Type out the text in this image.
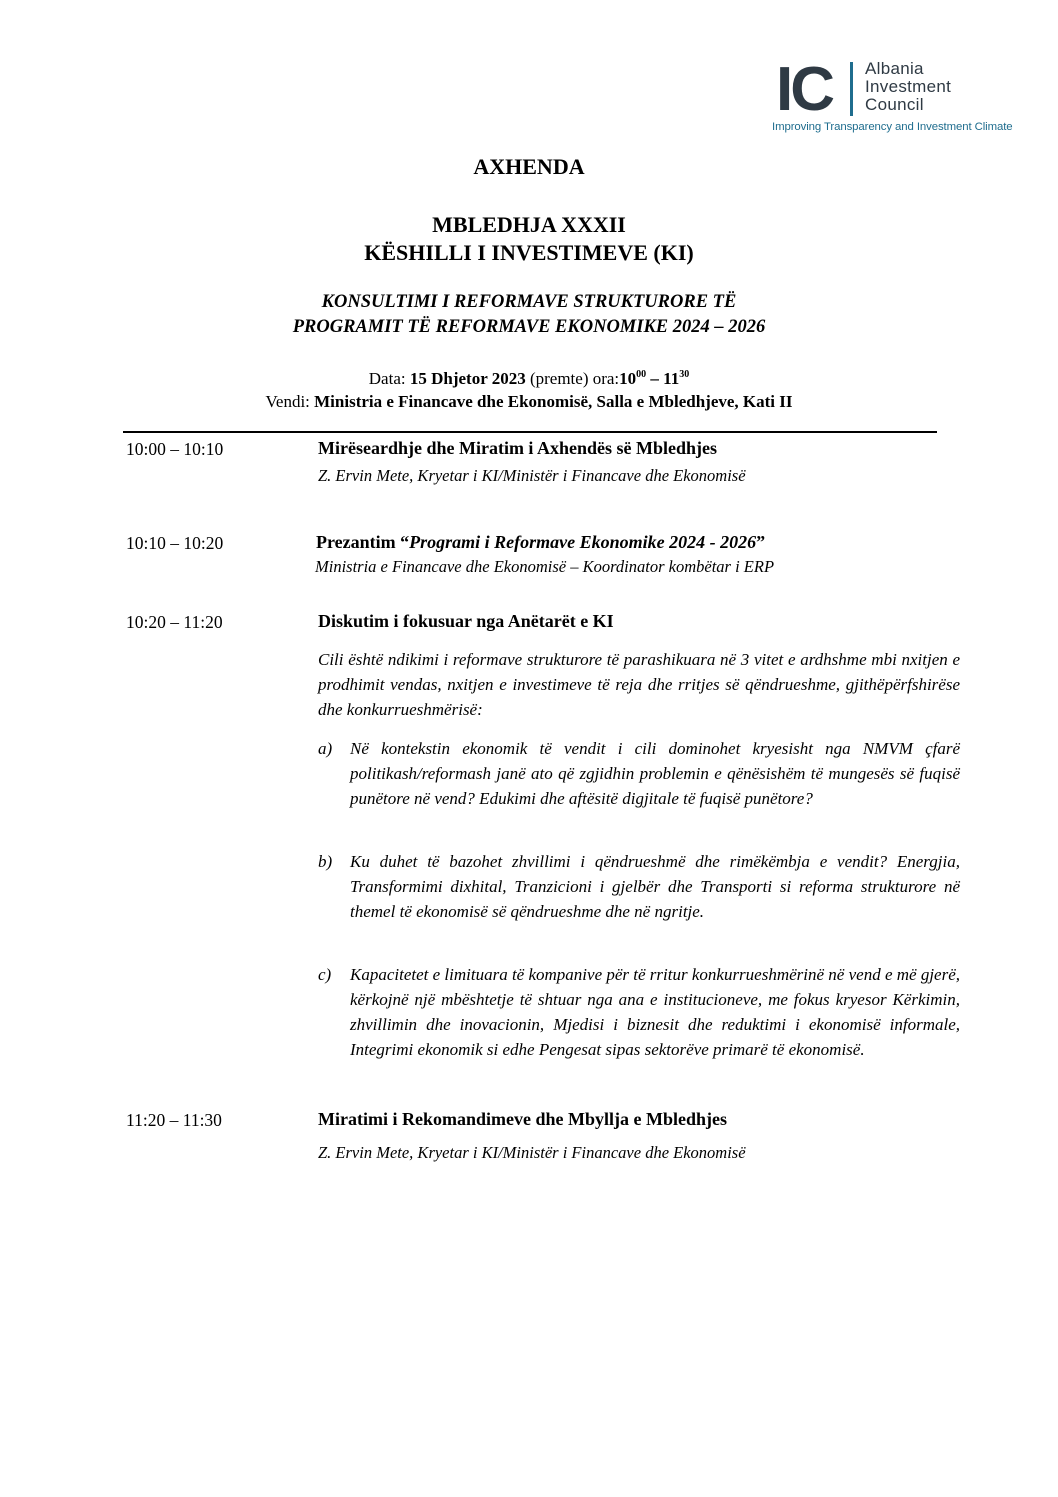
IC Albania
Investment
Council
Improving Transparency and Investment Climate
AXHENDA
MBLEDHJA XXXII
KËSHILLI I INVESTIMEVE (KI)
KONSULTIMI I REFORMAVE STRUKTURORE TË
PROGRAMIT TË REFORMAVE EKONOMIKE 2024 – 2026
Data: 15 Dhjetor 2023 (premte) $ora:10^{00} - 11^{30}$
Vendi: Ministria e Financave dhe Ekonomisë, Salla e Mbledhjeve, Kati II
10:00 – 10:10	Mirëseardhje dhe Miratim i Axhendës së Mbledhjes
Z. Ervin Mete, Kryetar i KI/Ministër i Financave dhe Ekonomisë
10:10 – 10:20	Prezantim “Programi i Reformave Ekonomike 2024 - 2026”
Ministria e Financave dhe Ekonomisë – Koordinator kombëtar i ERP
10:20 – 11:20	Diskutim i fokusuar nga Anëtarët e KI
Cili është ndikimi i reformave strukturore të parashikuara në 3 vitet e ardhshme mbi nxitjen e prodhimit vendas, nxitjen e investimeve të reja dhe rritjes së qëndrueshme, gjithëpërfshirëse dhe konkurrueshmërisë:
a)	Në kontekstin ekonomik të vendit i cili dominohet kryesisht nga NMVM çfarë politikash/reformash janë ato që zgjidhin problemin e qënësishëm të mungesës së fuqisë punëtore në vend? Edukimi dhe aftësitë digjitale të fuqisë punëtore?
b)	Ku duhet të bazohet zhvillimi i qëndrueshmë dhe rimëkëmbja e vendit? Energjia, Transformimi dixhital, Tranzicioni i gjelbër dhe Transporti si reforma strukturore në themel të ekonomisë së qëndrueshme dhe në ngritje.
c)	Kapacitetet e limituara të kompanive për të rritur konkurrueshmërinë në vend e më gjerë, kërkojnë një mbështetje të shtuar nga ana e institucioneve, me fokus kryesor Kërkimin, zhvillimin dhe inovacionin, Mjedisi i biznesit dhe reduktimi i ekonomisë informale, Integrimi ekonomik si edhe Pengesat sipas sektorëve primarë të ekonomisë.
11:20 – 11:30	Miratimi i Rekomandimeve dhe Mbyllja e Mbledhjes
Z. Ervin Mete, Kryetar i KI/Ministër i Financave dhe Ekonomisë
